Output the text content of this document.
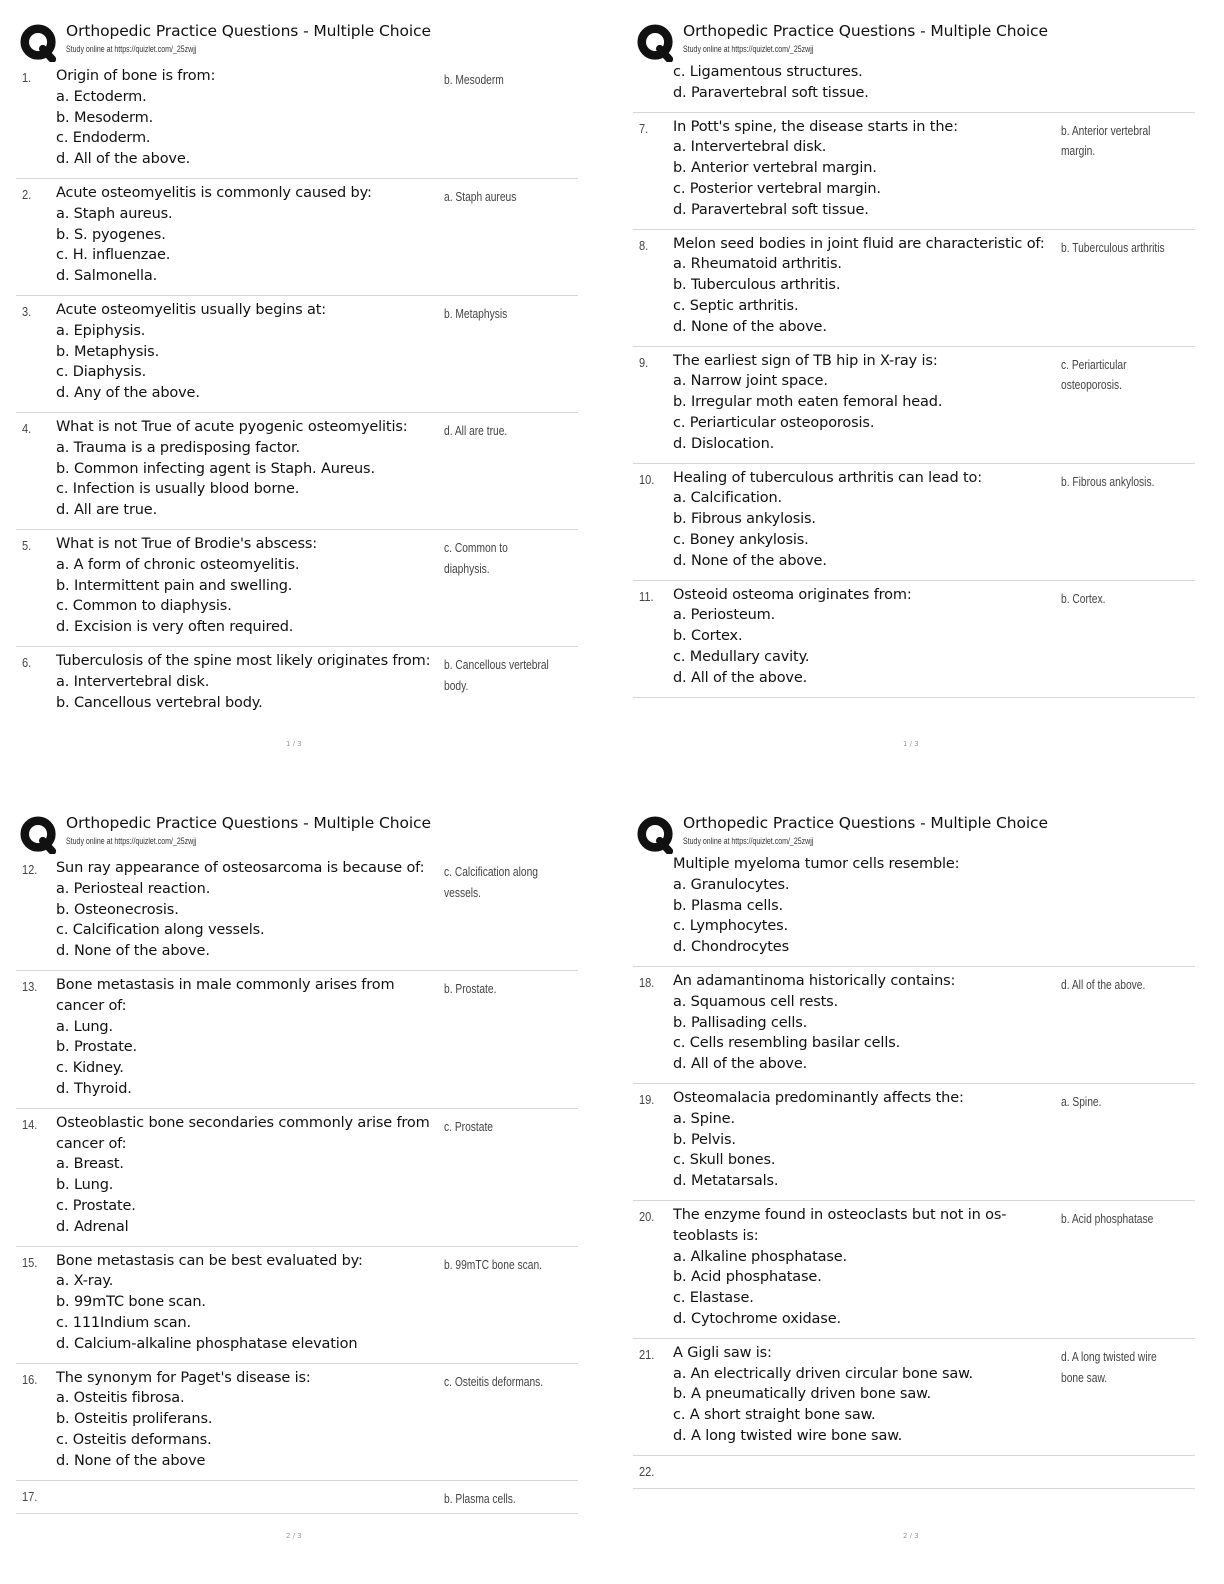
Orthopedic Practice Questions - Multiple Choice
Study online at https://quizlet.com/_25zwjj
1. Origin of bone is from:
a. Ectoderm.
b. Mesoderm.
c. Endoderm.
d. All of the above.
b. Mesoderm
2. Acute osteomyelitis is commonly caused by:
a. Staph aureus.
b. S. pyogenes.
c. H. influenzae.
d. Salmonella.
a. Staph aureus
3. Acute osteomyelitis usually begins at:
a. Epiphysis.
b. Metaphysis.
c. Diaphysis.
d. Any of the above.
b. Metaphysis
4. What is not True of acute pyogenic osteomyelitis:
a. Trauma is a predisposing factor.
b. Common infecting agent is Staph. Aureus.
c. Infection is usually blood borne.
d. All are true.
d. All are true.
5. What is not True of Brodie's abscess:
a. A form of chronic osteomyelitis.
b. Intermittent pain and swelling.
c. Common to diaphysis.
d. Excision is very often required.
c. Common to diaphysis.
6. Tuberculosis of the spine most likely originates from:
a. Intervertebral disk.
b. Cancellous vertebral body.
b. Cancellous vertebral body.
1 / 3
Orthopedic Practice Questions - Multiple Choice
Study online at https://quizlet.com/_25zwjj
c. Ligamentous structures.
d. Paravertebral soft tissue.
7. In Pott's spine, the disease starts in the:
a. Intervertebral disk.
b. Anterior vertebral margin.
c. Posterior vertebral margin.
d. Paravertebral soft tissue.
b. Anterior vertebral margin.
8. Melon seed bodies in joint fluid are characteristic of:
a. Rheumatoid arthritis.
b. Tuberculous arthritis.
c. Septic arthritis.
d. None of the above.
b. Tuberculous arthritis
9. The earliest sign of TB hip in X-ray is:
a. Narrow joint space.
b. Irregular moth eaten femoral head.
c. Periarticular osteoporosis.
d. Dislocation.
c. Periarticular osteoporosis.
10. Healing of tuberculous arthritis can lead to:
a. Calcification.
b. Fibrous ankylosis.
c. Boney ankylosis.
d. None of the above.
b. Fibrous ankylosis.
11. Osteoid osteoma originates from:
a. Periosteum.
b. Cortex.
c. Medullary cavity.
d. All of the above.
b. Cortex.
1 / 3
Orthopedic Practice Questions - Multiple Choice
Study online at https://quizlet.com/_25zwjj
12. Sun ray appearance of osteosarcoma is because of:
a. Periosteal reaction.
b. Osteonecrosis.
c. Calcification along vessels.
d. None of the above.
c. Calcification along vessels.
13. Bone metastasis in male commonly arises from cancer of:
a. Lung.
b. Prostate.
c. Kidney.
d. Thyroid.
b. Prostate.
14. Osteoblastic bone secondaries commonly arise from cancer of:
a. Breast.
b. Lung.
c. Prostate.
d. Adrenal
c. Prostate
15. Bone metastasis can be best evaluated by:
a. X-ray.
b. 99mTC bone scan.
c. 111Indium scan.
d. Calcium-alkaline phosphatase elevation
b. 99mTC bone scan.
16. The synonym for Paget's disease is:
a. Osteitis fibrosa.
b. Osteitis proliferans.
c. Osteitis deformans.
d. None of the above
c. Osteitis deformans.
17.	b. Plasma cells.
2 / 3
Orthopedic Practice Questions - Multiple Choice
Study online at https://quizlet.com/_25zwjj
Multiple myeloma tumor cells resemble:
a. Granulocytes.
b. Plasma cells.
c. Lymphocytes.
d. Chondrocytes
18. An adamantinoma historically contains:
a. Squamous cell rests.
b. Pallisading cells.
c. Cells resembling basilar cells.
d. All of the above.
d. All of the above.
19. Osteomalacia predominantly affects the:
a. Spine.
b. Pelvis.
c. Skull bones.
d. Metatarsals.
a. Spine.
20. The enzyme found in osteoclasts but not in os-teoblasts is:
a. Alkaline phosphatase.
b. Acid phosphatase.
c. Elastase.
d. Cytochrome oxidase.
b. Acid phosphatase
21. A Gigli saw is:
a. An electrically driven circular bone saw.
b. A pneumatically driven bone saw.
c. A short straight bone saw.
d. A long twisted wire bone saw.
d. A long twisted wire bone saw.
22.
2 / 3
